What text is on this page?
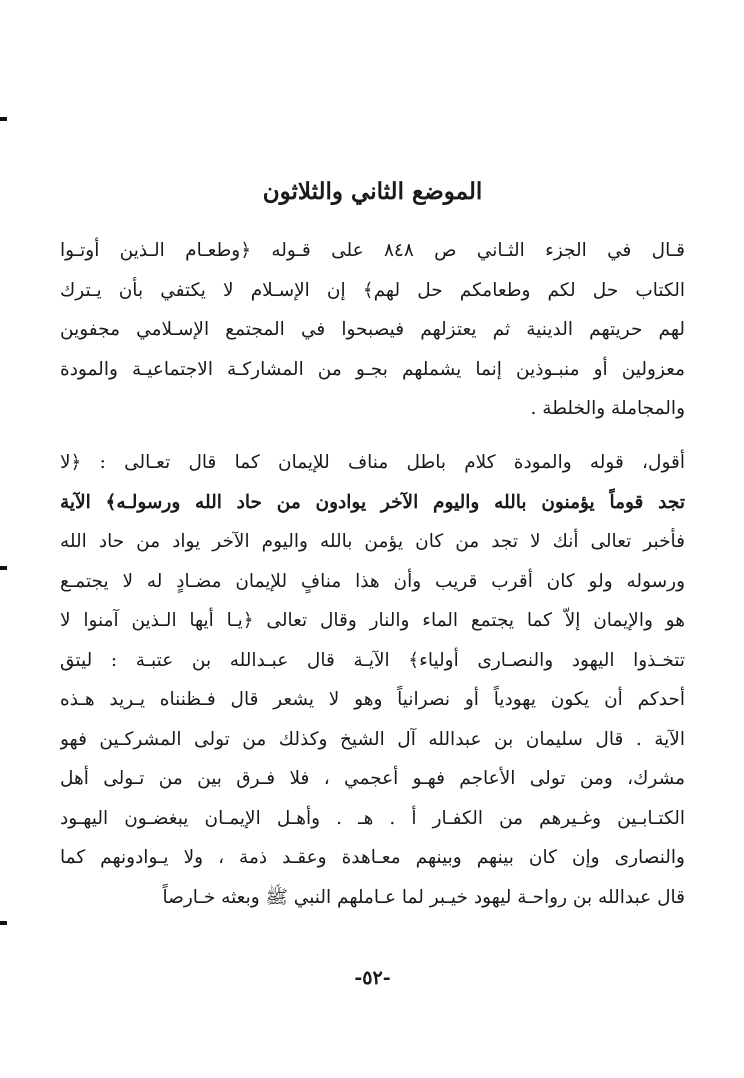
الموضع الثاني والثلاثون
قـال في الجزء الثـاني ص ٨٤٨ على قـوله ﴿وطعـام الـذين أوتـوا
الكتاب حل لكم وطعامكم حل لهم﴾ إن الإسـلام لا يكتفي بأن يـترك
لهم حريتهم الدينية ثم يعتزلهم فيصبحوا في المجتمع الإسـلامي مجفوين
معزولين أو منبـوذين إنما يشملهم بجـو من المشاركـة الاجتماعيـة والمودة
والمجاملة والخلطة .
أقول، قوله والمودة كلام باطل مناف للإيمان كما قال تعـالى : ﴿لا
تجد قوماً يؤمنون بالله واليوم الآخر يوادون من حاد الله ورسولـه﴾ الآية
فأخبر تعالى أنك لا تجد من كان يؤمن بالله واليوم الآخر يواد من حاد الله
ورسوله ولو كان أقرب قريب وأن هذا منافٍ للإيمان مضـادٍ له لا يجتمـع
هو والإيمان إلاّ كما يجتمع الماء والنار وقال تعالى ﴿يـا أيها الـذين آمنوا لا
تتخـذوا اليهود والنصـارى أولياء﴾ الآيـة قال عبـدالله بن عتبـة : ليتق
أحدكم أن يكون يهودياً أو نصرانياً وهو لا يشعر قال فـظنناه يـريد هـذه
الآية . قال سليمان بن عبدالله آل الشيخ وكذلك من تولى المشركـين فهو
مشرك، ومن تولى الأعاجم فهـو أعجمي ، فلا فـرق بين من تـولى أهل
الكتـابـين وغـيرهم من الكفـار أ . هـ . وأهـل الإيمـان يبغضـون اليهـود
والنصارى وإن كان بينهم وبينهم معـاهدة وعقـد ذمة ، ولا يـوادونهم كما
قال عبدالله بن رواحـة ليهود خيـبر لما عـاملهم النبي ﷺ وبعثه خـارصاً
-٥٢-
